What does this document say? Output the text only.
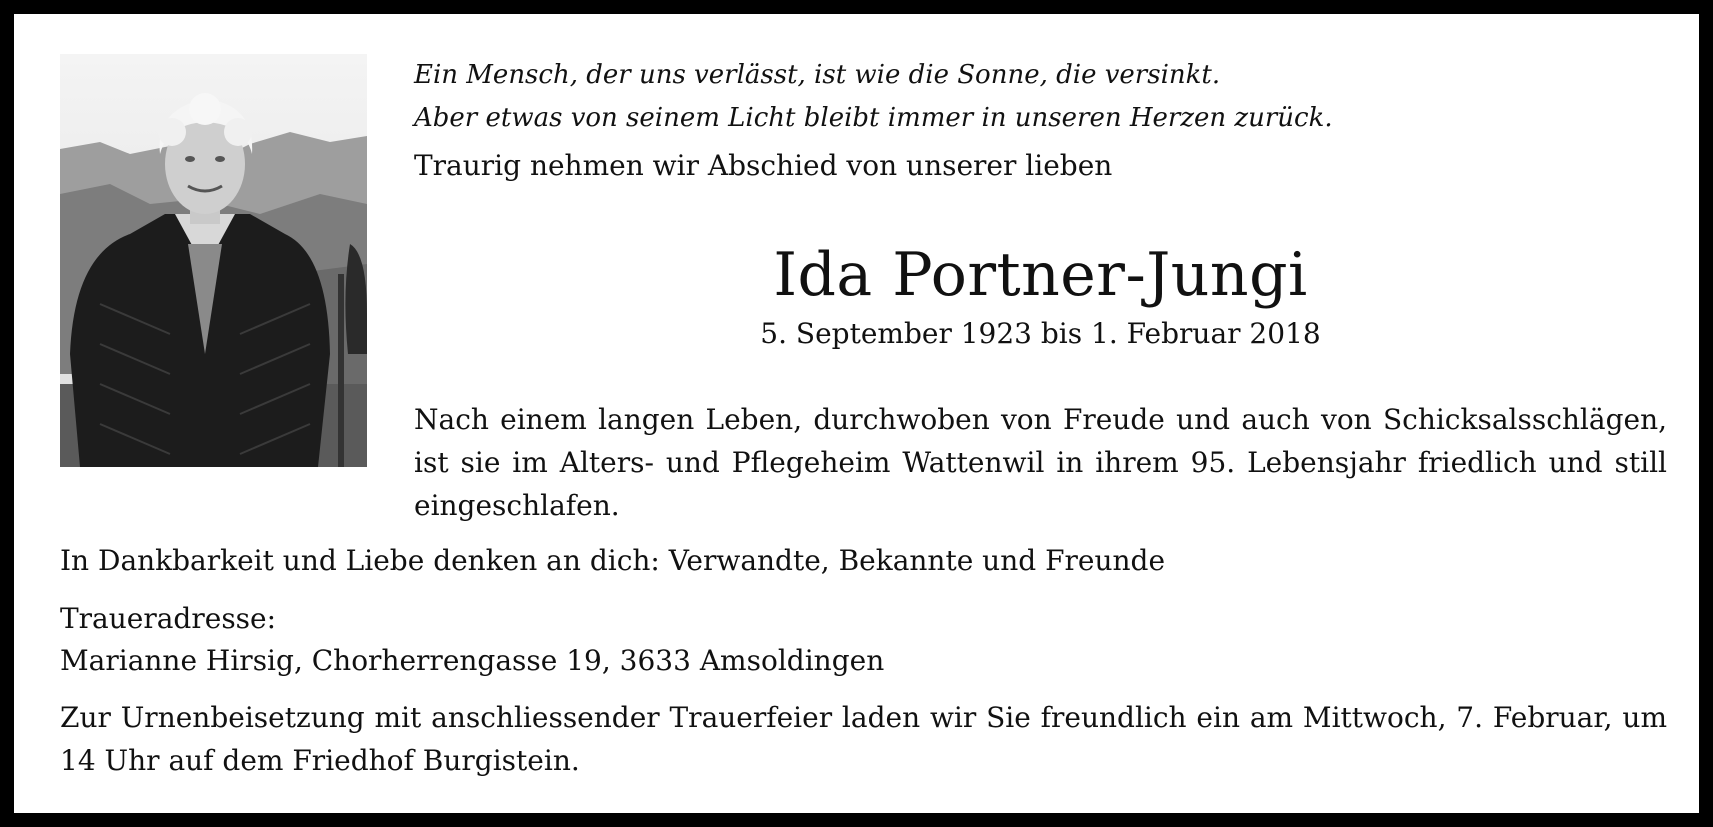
Ein Mensch, der uns verlässt, ist wie die Sonne, die versinkt.
Aber etwas von seinem Licht bleibt immer in unseren Herzen zurück.
Traurig nehmen wir Abschied von unserer lieben
Ida Portner-Jungi
5. September 1923 bis 1. Februar 2018
Nach einem langen Leben, durchwoben von Freude und auch von Schicksalsschlägen, ist sie im Alters- und Pflegeheim Wattenwil in ihrem 95. Lebensjahr friedlich und still eingeschlafen.
In Dankbarkeit und Liebe denken an dich: Verwandte, Bekannte und Freunde
Traueradresse:
Marianne Hirsig, Chorherrengasse 19, 3633 Amsoldingen
Zur Urnenbeisetzung mit anschliessender Trauerfeier laden wir Sie freundlich ein am Mittwoch, 7. Februar, um 14 Uhr auf dem Friedhof Burgistein.
